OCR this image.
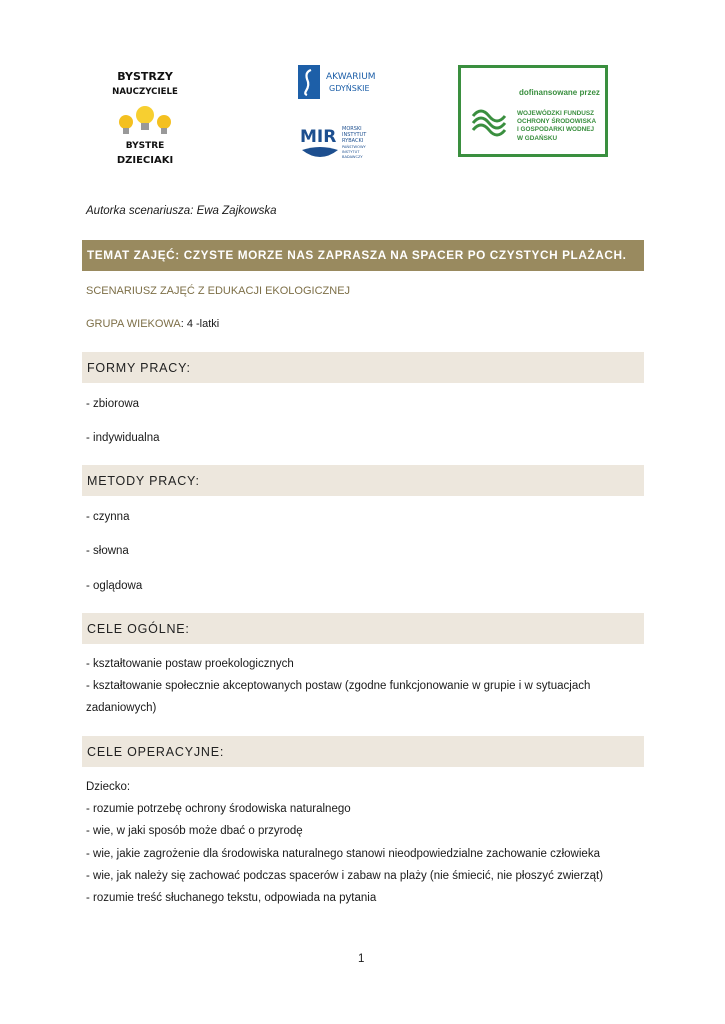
BYSTRZY
NAUCZYCIELE
BYSTRE
DZIECIAKI
AKWARIUM
GDYŃSKIE
MIR MORSKI
INSTYTUT
RYBACKI
PAŃSTWOWY
INSTYTUT
BADAWCZY
dofinansowane przez
WOJEWÓDZKI FUNDUSZ
OCHRONY ŚRODOWISKA
I GOSPODARKI WODNEJ
W GDAŃSKU
Autorka scenariusza: Ewa Zajkowska
TEMAT ZAJĘĆ: CZYSTE MORZE NAS ZAPRASZA NA SPACER PO CZYSTYCH PLAŻACH.
SCENARIUSZ ZAJĘĆ Z EDUKACJI EKOLOGICZNEJ
GRUPA WIEKOWA: 4 -latki
FORMY PRACY:
- zbiorowa
- indywidualna
METODY PRACY:
- czynna
- słowna
- oglądowa
CELE OGÓLNE:
- kształtowanie postaw proekologicznych
- kształtowanie społecznie akceptowanych postaw (zgodne funkcjonowanie w grupie i w sytuacjach
zadaniowych)
CELE OPERACYJNE:
Dziecko:
- rozumie potrzebę ochrony środowiska naturalnego
- wie, w jaki sposób może dbać o przyrodę
- wie, jakie zagrożenie dla środowiska naturalnego stanowi nieodpowiedzialne zachowanie człowieka
- wie, jak należy się zachować podczas spacerów i zabaw na plaży (nie śmiecić, nie płoszyć zwierząt)
- rozumie treść słuchanego tekstu, odpowiada na pytania
1
